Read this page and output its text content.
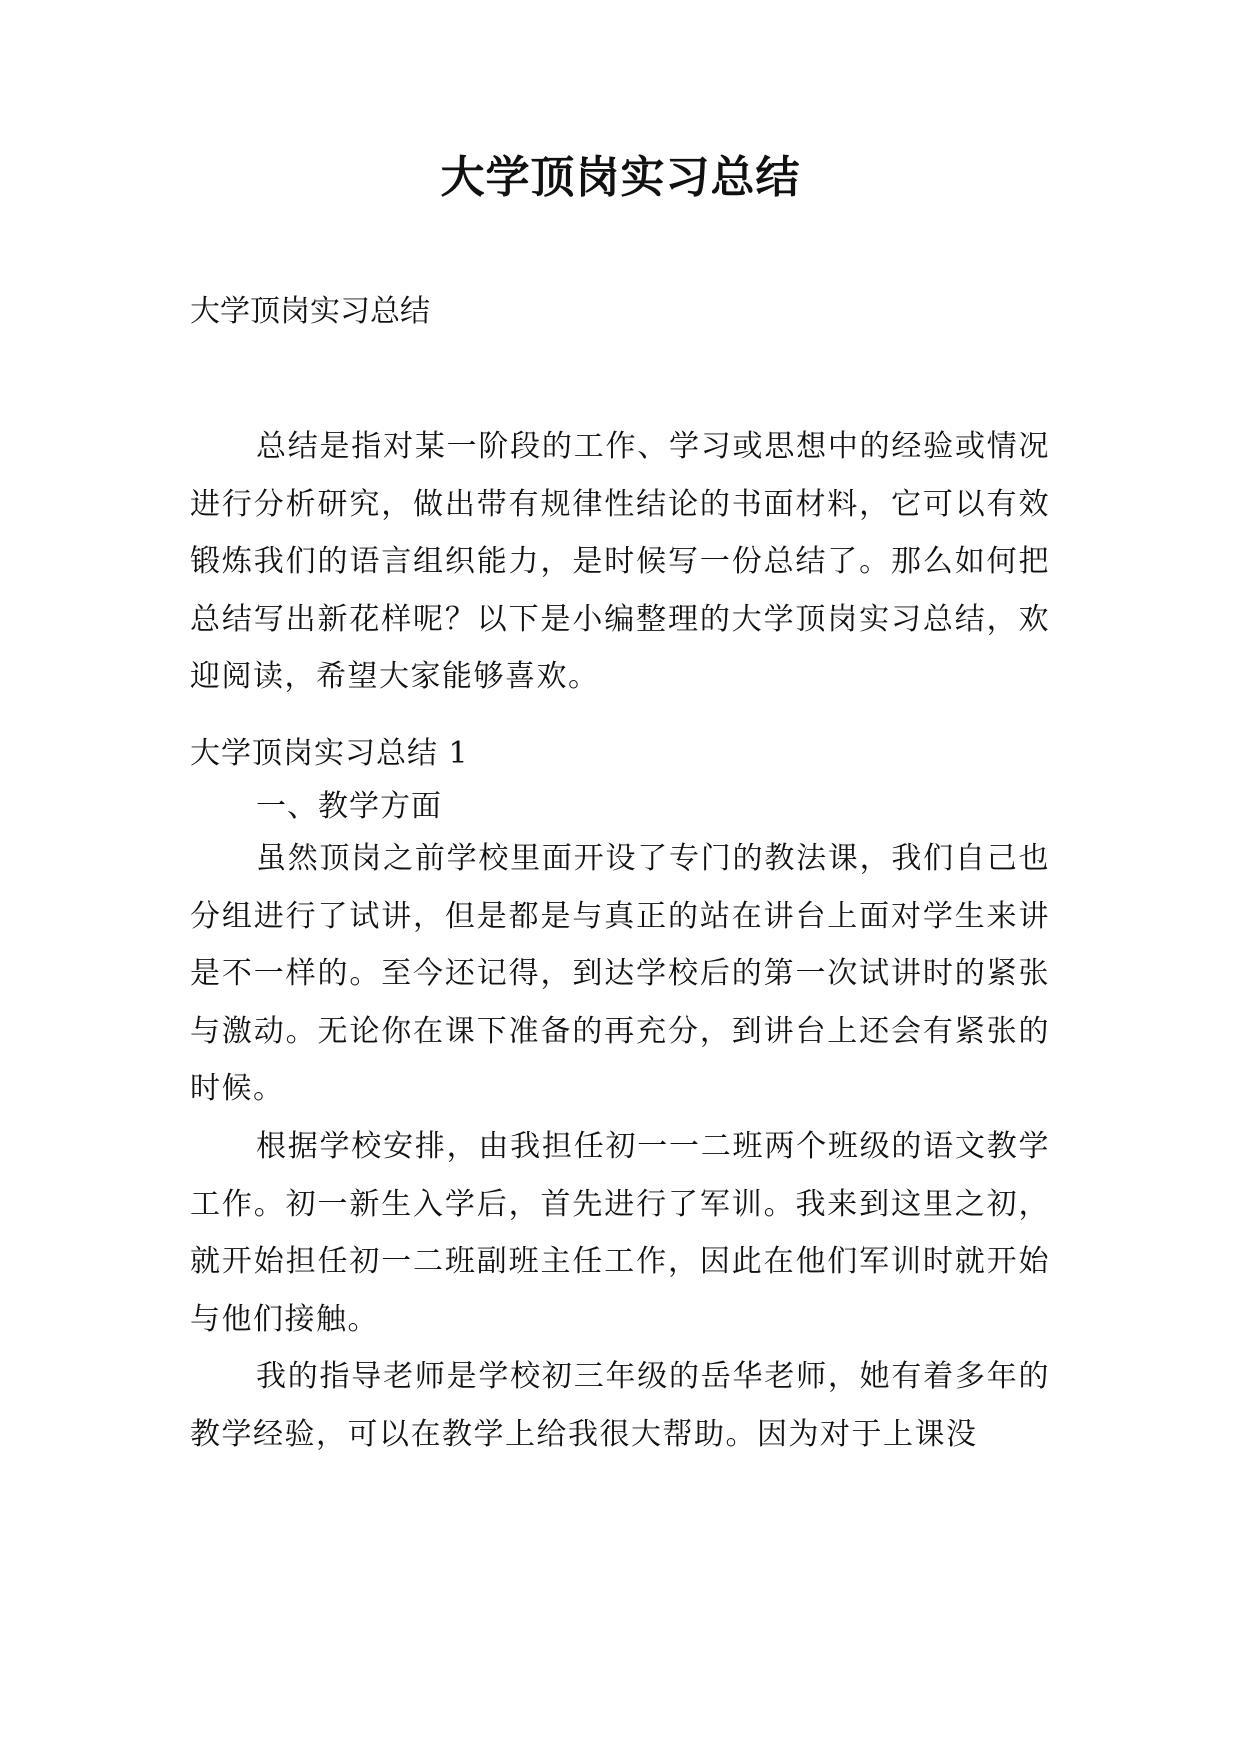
大学顶岗实习总结

大学顶岗实习总结

总结是指对某一阶段的工作、学习或思想中的经验或情况进行分析研究，做出带有规律性结论的书面材料，它可以有效锻炼我们的语言组织能力，是时候写一份总结了。那么如何把总结写出新花样呢？以下是小编整理的大学顶岗实习总结，欢迎阅读，希望大家能够喜欢。

大学顶岗实习总结 1

一、教学方面

虽然顶岗之前学校里面开设了专门的教法课，我们自己也分组进行了试讲，但是都是与真正的站在讲台上面对学生来讲是不一样的。至今还记得，到达学校后的第一次试讲时的紧张与激动。无论你在课下准备的再充分，到讲台上还会有紧张的时候。

根据学校安排，由我担任初一一二班两个班级的语文教学工作。初一新生入学后，首先进行了军训。我来到这里之初，就开始担任初一二班副班主任工作，因此在他们军训时就开始与他们接触。

我的指导老师是学校初三年级的岳华老师，她有着多年的教学经验，可以在教学上给我很大帮助。因为对于上课没
